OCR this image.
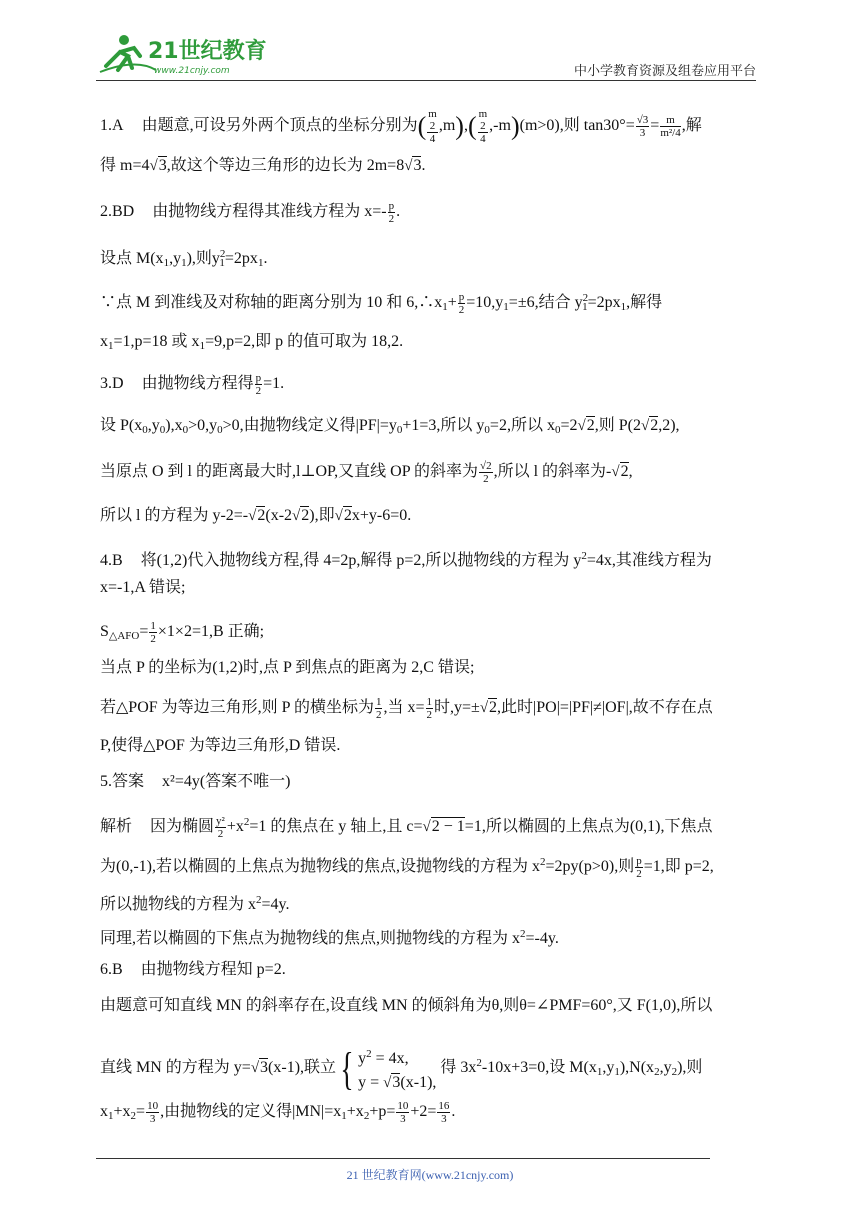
21世纪教育
www.21cnjy.com	中小学教育资源及组卷应用平台
1.A 由题意,可设另外两个顶点的坐标分别为( m
2
4 ,m),( m
2
4 ,-m)(m>0),则 $\tan 30^\circ= \frac{√3}{3} = \frac{m}{\text{m²/4}}$ ,解
得 m=4√3,故这个等边三角形的边长为 2m=8√3.
2.BD 由抛物线方程得其准线方程为 $x=- \frac{p}{2}$ .
设点 $M(x_1,y_1)$,则$y^2_1=2px_1$.
∵点 M 到准线及对称轴的距离分别为 10 和 $6,\therefore x_1+ \frac{p}{2} =10,y_1=\pm 6$,结合 $y^2_1=2px_1$,解得
$x_1=1,p=18$ 或 $x_1=9,p=2$,即 p 的值可取为 18,2.
3.D 由抛物线方程得 $\frac{p}{2} =1$.
设 $P(x_0,y_0),x_0>0,y_0>0$,由抛物线定义得$|PF|=y_0+1=3$,所以 $y_0=2$,所以 $x_0=2√2$,则 P(2√2,2),
当原点 O 到 l 的距离最大时,l⊥OP,又直线 OP 的斜率为 $\frac{√2}{2}$ ,所以 l 的斜率为-√2,
所以 l 的方程为 y-2=-√2(x-2√2),即√2x+y-6=0.
4.B 将(1,2)代入抛物线方程,得 4=2p,解得 p=2,所以抛物线的方程为 $y^2=4x$,其准线方程为
x=-1,A 错误;
$S_{\triangle AFO}= \frac{1}{2} \times 1\times 2=1,B$ 正确;
当点 P 的坐标为(1,2)时,点 P 到焦点的距离为 2,C 错误;
若△POF 为等边三角形,则 P 的横坐标为 $\frac{1}{2}$ ,当 $x= \frac{1}{2}$ 时,y=±√2,此时|PO|=|PF|≠|OF|,故不存在点
P,使得△POF 为等边三角形,D 错误.
5.答案 x²=4y(答案不唯一)
解析 因为椭圆 $\frac{\text{y²}}{2} +x^2=1$ 的焦点在 y 轴上,且 c=√2 − 1=1,所以椭圆的上焦点为(0,1),下焦点
为(0,-1),若以椭圆的上焦点为抛物线的焦点,设抛物线的方程为 $x^2=2py(p>0)$,则 $\frac{p}{2} =1$,即 p=2,
所以抛物线的方程为 $x^2=4y$.
同理,若以椭圆的下焦点为抛物线的焦点,则抛物线的方程为 $x^2=-4y$.
6.B 由抛物线方程知 p=2.
由题意可知直线 MN 的斜率存在,设直线 MN 的倾斜角为θ,则θ=∠PMF=60°,又 F(1,0),所以
直线 MN 的方程为 y=√3(x-1),联立{ $y^2 = 4x$,
y = √3(x-1),
得 $3x^2-10x+3=0$,设 $M(x_1,y_1),N(x_2,y_2)$,则
$x_1+x_2= \frac{10}{3}$ ,由抛物线的定义得$|MN|=x_1+x_2+p= \frac{10}{3} +2= \frac{16}{3}$ .
21 世纪教育网(www.21cnjy.com)
